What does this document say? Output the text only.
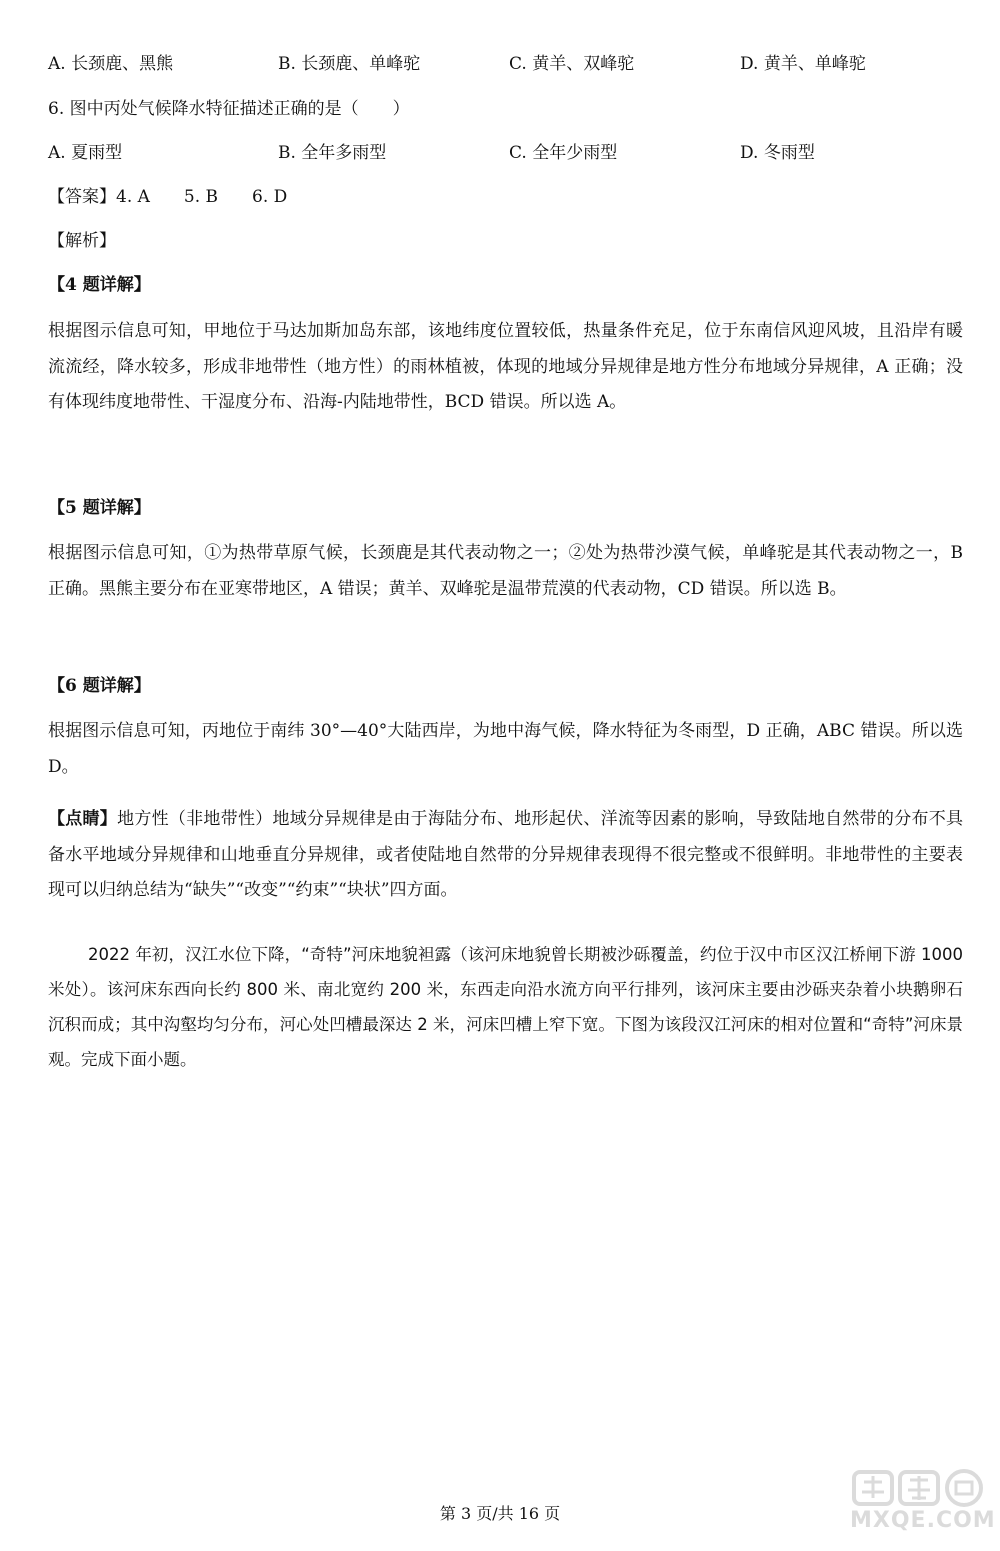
A. 长颈鹿、黑熊	B. 长颈鹿、单峰驼	C. 黄羊、双峰驼	D. 黄羊、单峰驼
6. 图中丙处气候降水特征描述正确的是（　　）
A. 夏雨型	B. 全年多雨型	C. 全年少雨型	D. 冬雨型
【答案】4. A　　5. B　　6. D
【解析】
【4 题详解】
根据图示信息可知，甲地位于马达加斯加岛东部，该地纬度位置较低，热量条件充足，位于东南信风迎风坡，且沿岸有暖流流经，降水较多，形成非地带性（地方性）的雨林植被，体现的地域分异规律是地方性分布地域分异规律，A 正确；没有体现纬度地带性、干湿度分布、沿海-内陆地带性，BCD 错误。所以选 A。
【5 题详解】
根据图示信息可知，①为热带草原气候，长颈鹿是其代表动物之一；②处为热带沙漠气候，单峰驼是其代表动物之一，B 正确。黑熊主要分布在亚寒带地区，A 错误；黄羊、双峰驼是温带荒漠的代表动物，CD 错误。所以选 B。
【6 题详解】
根据图示信息可知，丙地位于南纬 30°—40°大陆西岸，为地中海气候，降水特征为冬雨型，D 正确，ABC 错误。所以选 D。
【点睛】地方性（非地带性）地域分异规律是由于海陆分布、地形起伏、洋流等因素的影响，导致陆地自然带的分布不具备水平地域分异规律和山地垂直分异规律，或者使陆地自然带的分异规律表现得不很完整或不很鲜明。非地带性的主要表现可以归纳总结为“缺失”“改变”“约束”“块状”四方面。
2022 年初，汉江水位下降，“奇特”河床地貌袒露（该河床地貌曾长期被沙砾覆盖，约位于汉中市区汉江桥闸下游 1000 米处）。该河床东西向长约 800 米、南北宽约 200 米，东西走向沿水流方向平行排列，该河床主要由沙砾夹杂着小块鹅卵石沉积而成；其中沟壑均匀分布，河心处凹槽最深达 2 米，河床凹槽上窄下宽。下图为该段汉江河床的相对位置和“奇特”河床景观。完成下面小题。
第 3 页/共 16 页	MXQE.COM
